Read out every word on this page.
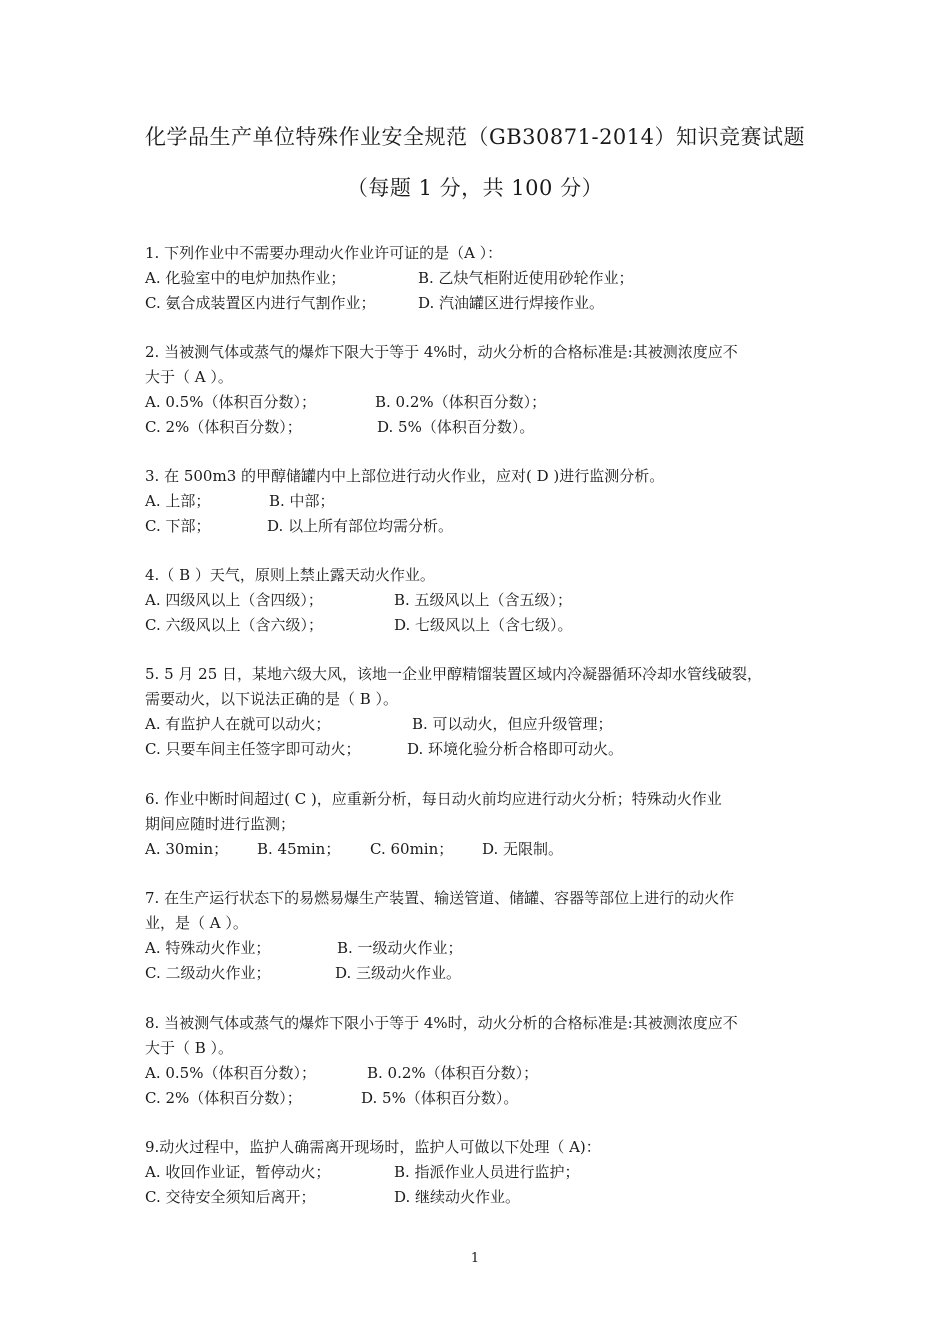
化学品生产单位特殊作业安全规范（GB30871-2014）知识竞赛试题
（每题 1 分，共 100 分）
1. 下列作业中不需要办理动火作业许可证的是（A ）：
A. 化验室中的电炉加热作业；	B. 乙炔气柜附近使用砂轮作业；
C. 氨合成装置区内进行气割作业；	D. 汽油罐区进行焊接作业。
2. 当被测气体或蒸气的爆炸下限大于等于 4%时，动火分析的合格标准是:其被测浓度应不
大于（ A ）。
A. 0.5%（体积百分数）；	B. 0.2%（体积百分数）；
C. 2%（体积百分数）；	D. 5%（体积百分数）。
3. 在 500m3 的甲醇储罐内中上部位进行动火作业，应对( D )进行监测分析。
A. 上部；	B. 中部；
C. 下部；	D. 以上所有部位均需分析。
4.（ B ）天气，原则上禁止露天动火作业。
A. 四级风以上（含四级）；	B. 五级风以上（含五级）；
C. 六级风以上（含六级）；	D. 七级风以上（含七级）。
5. 5 月 25 日，某地六级大风，该地一企业甲醇精馏装置区域内冷凝器循环冷却水管线破裂，
需要动火，以下说法正确的是（ B ）。
A. 有监护人在就可以动火；	B. 可以动火，但应升级管理；
C. 只要车间主任签字即可动火；	D. 环境化验分析合格即可动火。
6. 作业中断时间超过( C )，应重新分析，每日动火前均应进行动火分析；特殊动火作业
期间应随时进行监测；
A. 30min； B. 45min； C. 60min； D. 无限制。
7. 在生产运行状态下的易燃易爆生产装置、输送管道、储罐、容器等部位上进行的动火作
业，是（ A ）。
A. 特殊动火作业；	B. 一级动火作业；
C. 二级动火作业；	D. 三级动火作业。
8. 当被测气体或蒸气的爆炸下限小于等于 4%时，动火分析的合格标准是:其被测浓度应不
大于（ B ）。
A. 0.5%（体积百分数）；	B. 0.2%（体积百分数）；
C. 2%（体积百分数）；	D. 5%（体积百分数）。
9.动火过程中，监护人确需离开现场时，监护人可做以下处理（ A)：
A. 收回作业证，暂停动火；	B. 指派作业人员进行监护；
C. 交待安全须知后离开；	D. 继续动火作业。
1
